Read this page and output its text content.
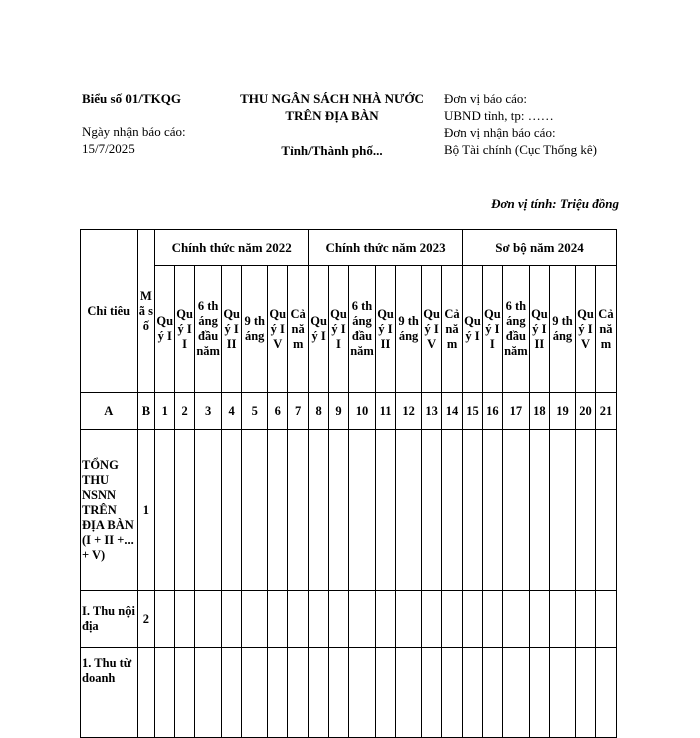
Biểu số 01/TKQG
Ngày nhận báo cáo:
15/7/2025
THU NGÂN SÁCH NHÀ NƯỚC
TRÊN ĐỊA BÀN
Tỉnh/Thành phố...
Đơn vị báo cáo:
UBND tỉnh, tp: ……
Đơn vị nhận báo cáo:
Bộ Tài chính (Cục Thống kê)
Đơn vị tính: Triệu đồng
Chỉ tiêu	Mã số	Chính thức năm 2022							Chính thức năm 2023							Sơ bộ năm 2024						
		Quý I	Quý II	6 tháng đầu năm	Quý III	9 tháng	Quý IV	Cả năm	Quý I	Quý II	6 tháng đầu năm	Quý III	9 tháng	Quý IV	Cả năm	Quý I	Quý II	6 tháng đầu năm	Quý III	9 tháng	Quý IV	Cả năm
A	B	1	2	3	4	5	6	7	8	9	10	11	12	13	14	15	16	17	18	19	20	21
TỔNG THU NSNN TRÊN ĐỊA BÀN (I + II +... + V)	1																					
I. Thu nội địa	2																					
1. Thu từ doanh																						
